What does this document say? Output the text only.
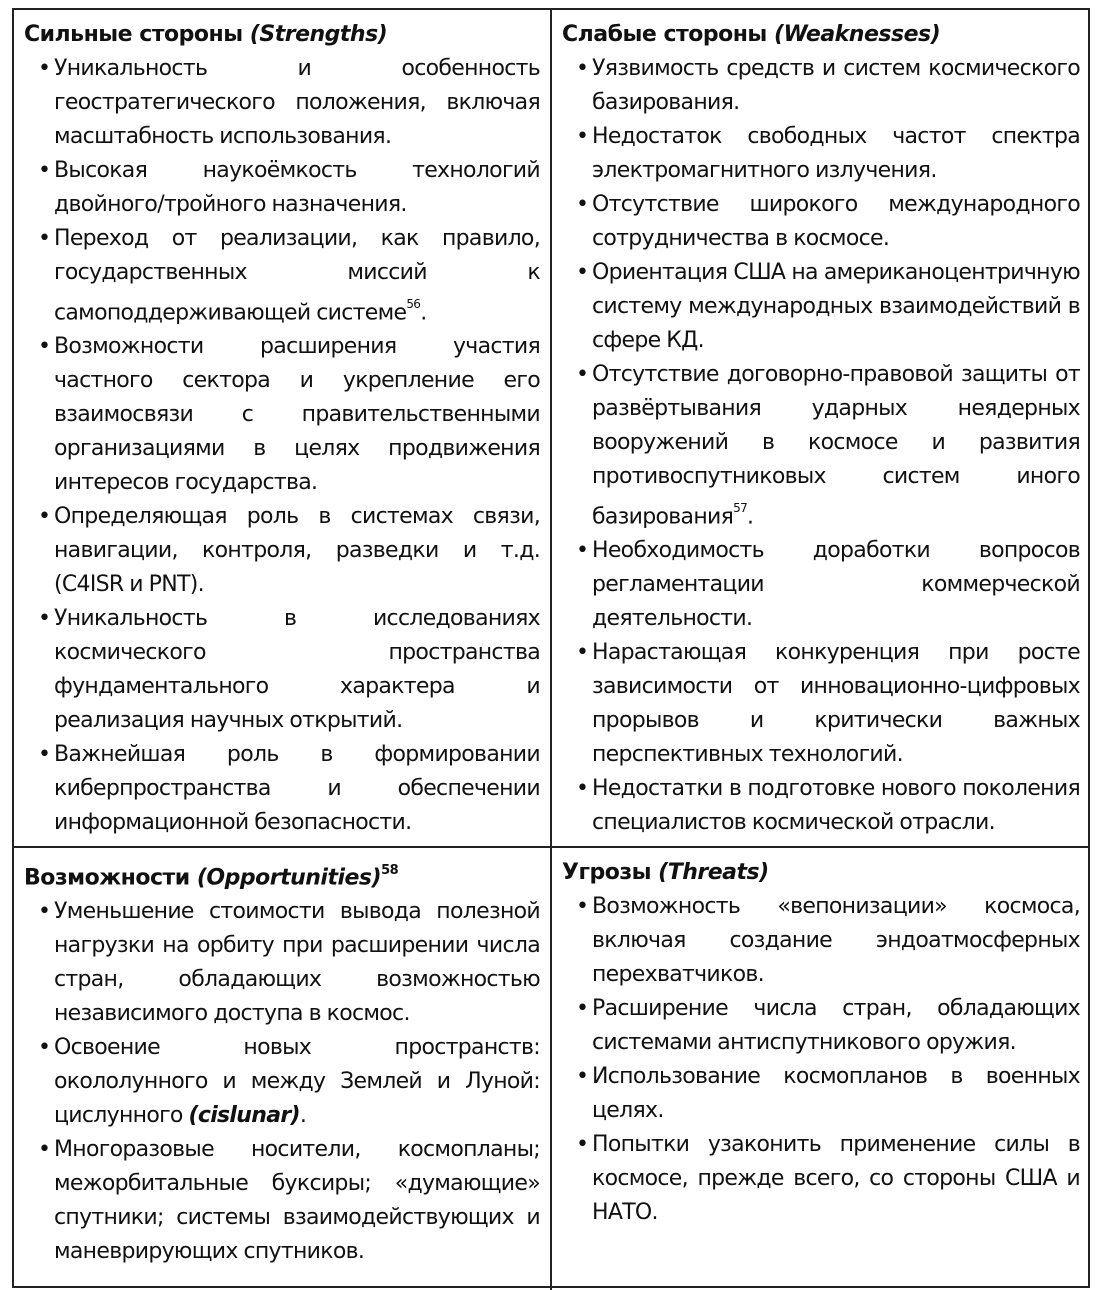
Сильные стороны (Strengths)
• Уникальность и особенность геостратегического положения, включая масштабность использования.
• Высокая наукоёмкость технологий двойного/тройного назначения.
• Переход от реализации, как правило, государственных миссий к самоподдерживающей системе$^{56}$.
• Возможности расширения участия частного сектора и укрепление его взаимосвязи с правительственными организациями в целях продвижения интересов государства.
• Определяющая роль в системах связи, навигации, контроля, разведки и т.д. (C4ISR и PNT).
• Уникальность в исследованиях космического пространства фундаментального характера и реализация научных открытий.
• Важнейшая роль в формировании киберпространства и обеспечении информационной безопасности.
Слабые стороны (Weaknesses)
• Уязвимость средств и систем космического базирования.
• Недостаток свободных частот спектра электромагнитного излучения.
• Отсутствие широкого международного сотрудничества в космосе.
• Ориентация США на американоцентричную систему международных взаимодействий в сфере КД.
• Отсутствие договорно-правовой защиты от развёртывания ударных неядерных вооружений в космосе и развития противоспутниковых систем иного базирования$^{57}$.
• Необходимость доработки вопросов регламентации коммерческой деятельности.
• Нарастающая конкуренция при росте зависимости от инновационно-цифровых прорывов и критически важных перспективных технологий.
• Недостатки в подготовке нового поколения специалистов космической отрасли.
Возможности (Opportunities)$^{58}$
• Уменьшение стоимости вывода полезной нагрузки на орбиту при расширении числа стран, обладающих возможностью независимого доступа в космос.
• Освоение новых пространств: окололунного и между Землей и Луной: цислунного (cislunar).
• Многоразовые носители, космопланы; межорбитальные буксиры; «думающие» спутники; системы взаимодействующих и маневрирующих спутников.
Угрозы (Threats)
• Возможность «вепонизации» космоса, включая создание эндоатмосферных перехватчиков.
• Расширение числа стран, обладающих системами антиспутникового оружия.
• Использование космопланов в военных целях.
• Попытки узаконить применение силы в космосе, прежде всего, со стороны США и НАТО.
